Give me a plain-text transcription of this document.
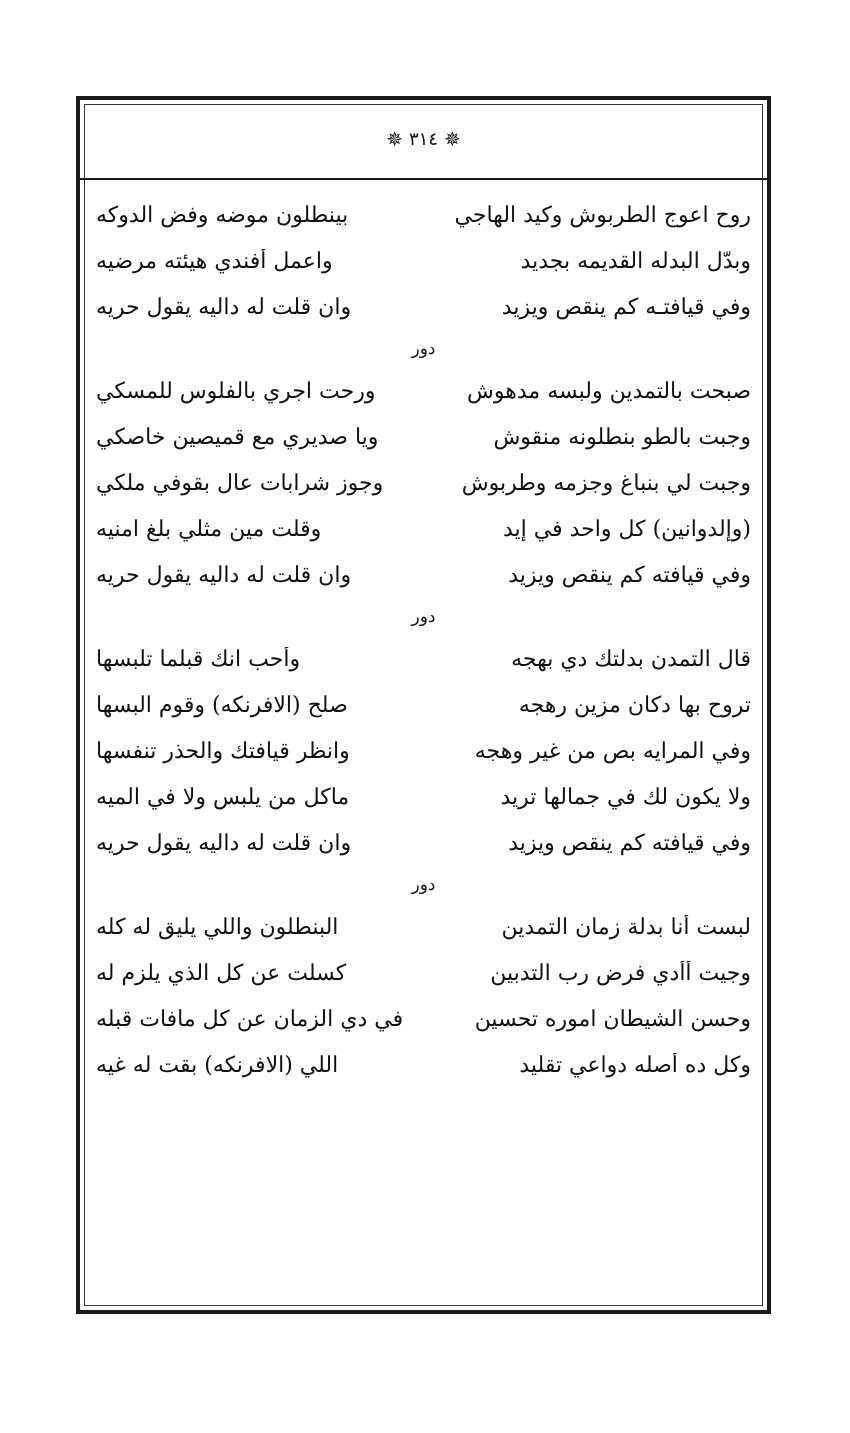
✵ ٣١٤ ✵
روح اعوج الطربوش وكيد الهاجي
بينطلون موضه وفض الدوكه
وبدّل البدله القديمه بجديد
واعمل أفندي هيئته مرضيه
وفي قيافتـه كم ينقص ويزيد
وان قلت له داليه يقول حريه
دور
صبحت بالتمدين ولبسه مدهوش
ورحت اجري بالفلوس للمسكي
وجبت بالطو بنطلونه منقوش
ويا صديري مع قميصين خاصكي
وجبت لي بنباغ وجزمه وطربوش
وجوز شرابات عال بقوفي ملكي
(وإلدوانين) كل واحد في إيد
وقلت مين مثلي بلغ امنيه
وفي قيافته كم ينقص ويزيد
وان قلت له داليه يقول حريه
دور
قال التمدن بدلتك دي بهجه
وأحب انك قبلما تلبسها
تروح بها دكان مزين رهجه
صلح (الافرنكه) وقوم البسها
وفي المرايه بص من غير وهجه
وانظر قيافتك والحذر تنفسها
ولا يكون لك في جمالها تريد
ماكل من يلبس ولا في الميه
وفي قيافته كم ينقص ويزيد
وان قلت له داليه يقول حريه
دور
لبست أنا بدلة زمان التمدين
البنطلون واللي يليق له كله
وجيت أأدي فرض رب التدبين
كسلت عن كل الذي يلزم له
وحسن الشيطان اموره تحسين
في دي الزمان عن كل مافات قبله
وكل ده أصله دواعي تقليد
اللي (الافرنكه) بقت له غيه
